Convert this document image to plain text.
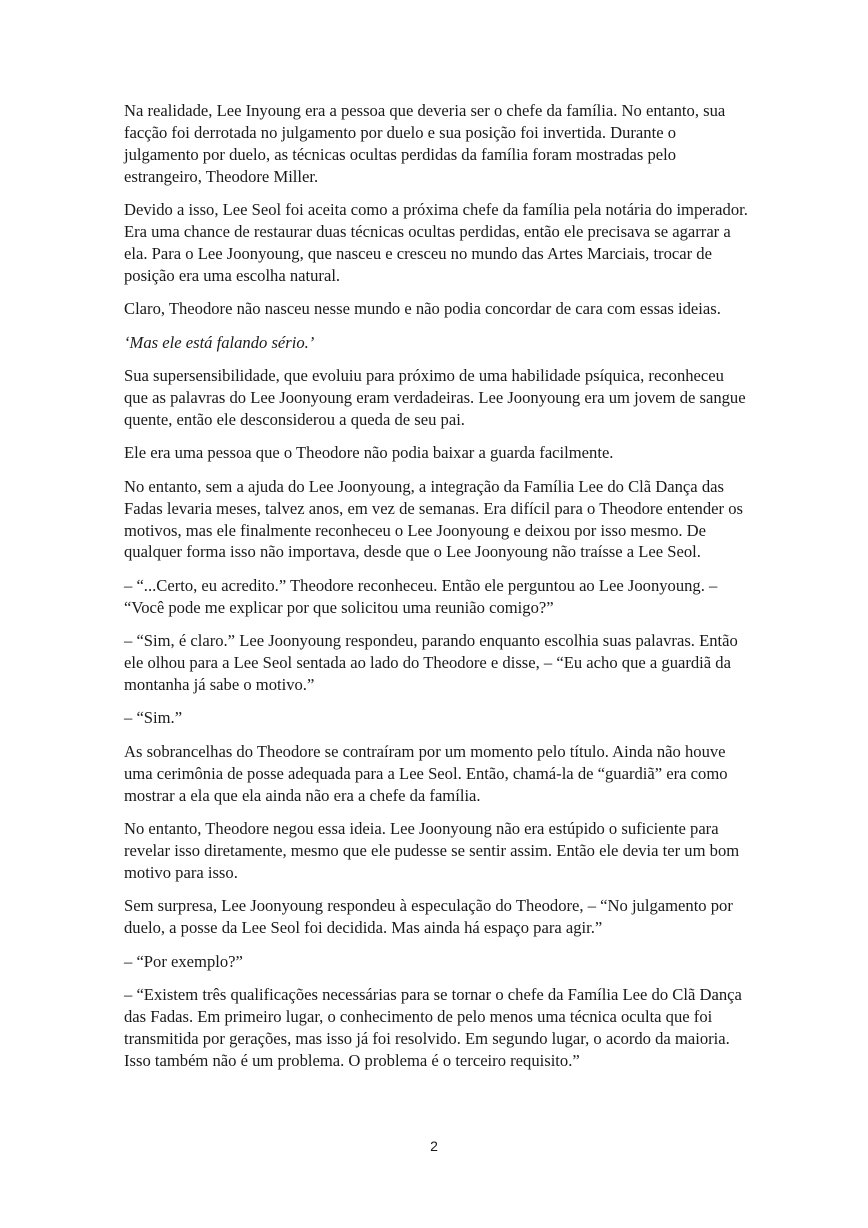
Na realidade, Lee Inyoung era a pessoa que deveria ser o chefe da família. No entanto, sua facção foi derrotada no julgamento por duelo e sua posição foi invertida. Durante o julgamento por duelo, as técnicas ocultas perdidas da família foram mostradas pelo estrangeiro, Theodore Miller.

Devido a isso, Lee Seol foi aceita como a próxima chefe da família pela notária do imperador. Era uma chance de restaurar duas técnicas ocultas perdidas, então ele precisava se agarrar a ela. Para o Lee Joonyoung, que nasceu e cresceu no mundo das Artes Marciais, trocar de posição era uma escolha natural.

Claro, Theodore não nasceu nesse mundo e não podia concordar de cara com essas ideias.

‘Mas ele está falando sério.’

Sua supersensibilidade, que evoluiu para próximo de uma habilidade psíquica, reconheceu que as palavras do Lee Joonyoung eram verdadeiras. Lee Joonyoung era um jovem de sangue quente, então ele desconsiderou a queda de seu pai.

Ele era uma pessoa que o Theodore não podia baixar a guarda facilmente.

No entanto, sem a ajuda do Lee Joonyoung, a integração da Família Lee do Clã Dança das Fadas levaria meses, talvez anos, em vez de semanas. Era difícil para o Theodore entender os motivos, mas ele finalmente reconheceu o Lee Joonyoung e deixou por isso mesmo. De qualquer forma isso não importava, desde que o Lee Joonyoung não traísse a Lee Seol.

– “...Certo, eu acredito.” Theodore reconheceu. Então ele perguntou ao Lee Joonyoung. – “Você pode me explicar por que solicitou uma reunião comigo?”

– “Sim, é claro.” Lee Joonyoung respondeu, parando enquanto escolhia suas palavras. Então ele olhou para a Lee Seol sentada ao lado do Theodore e disse, – “Eu acho que a guardiã da montanha já sabe o motivo.”

– “Sim.”

As sobrancelhas do Theodore se contraíram por um momento pelo título. Ainda não houve uma cerimônia de posse adequada para a Lee Seol. Então, chamá-la de “guardiã” era como mostrar a ela que ela ainda não era a chefe da família.

No entanto, Theodore negou essa ideia. Lee Joonyoung não era estúpido o suficiente para revelar isso diretamente, mesmo que ele pudesse se sentir assim. Então ele devia ter um bom motivo para isso.

Sem surpresa, Lee Joonyoung respondeu à especulação do Theodore, – “No julgamento por duelo, a posse da Lee Seol foi decidida. Mas ainda há espaço para agir.”

– “Por exemplo?”

– “Existem três qualificações necessárias para se tornar o chefe da Família Lee do Clã Dança das Fadas. Em primeiro lugar, o conhecimento de pelo menos uma técnica oculta que foi transmitida por gerações, mas isso já foi resolvido. Em segundo lugar, o acordo da maioria. Isso também não é um problema. O problema é o terceiro requisito.”

2
